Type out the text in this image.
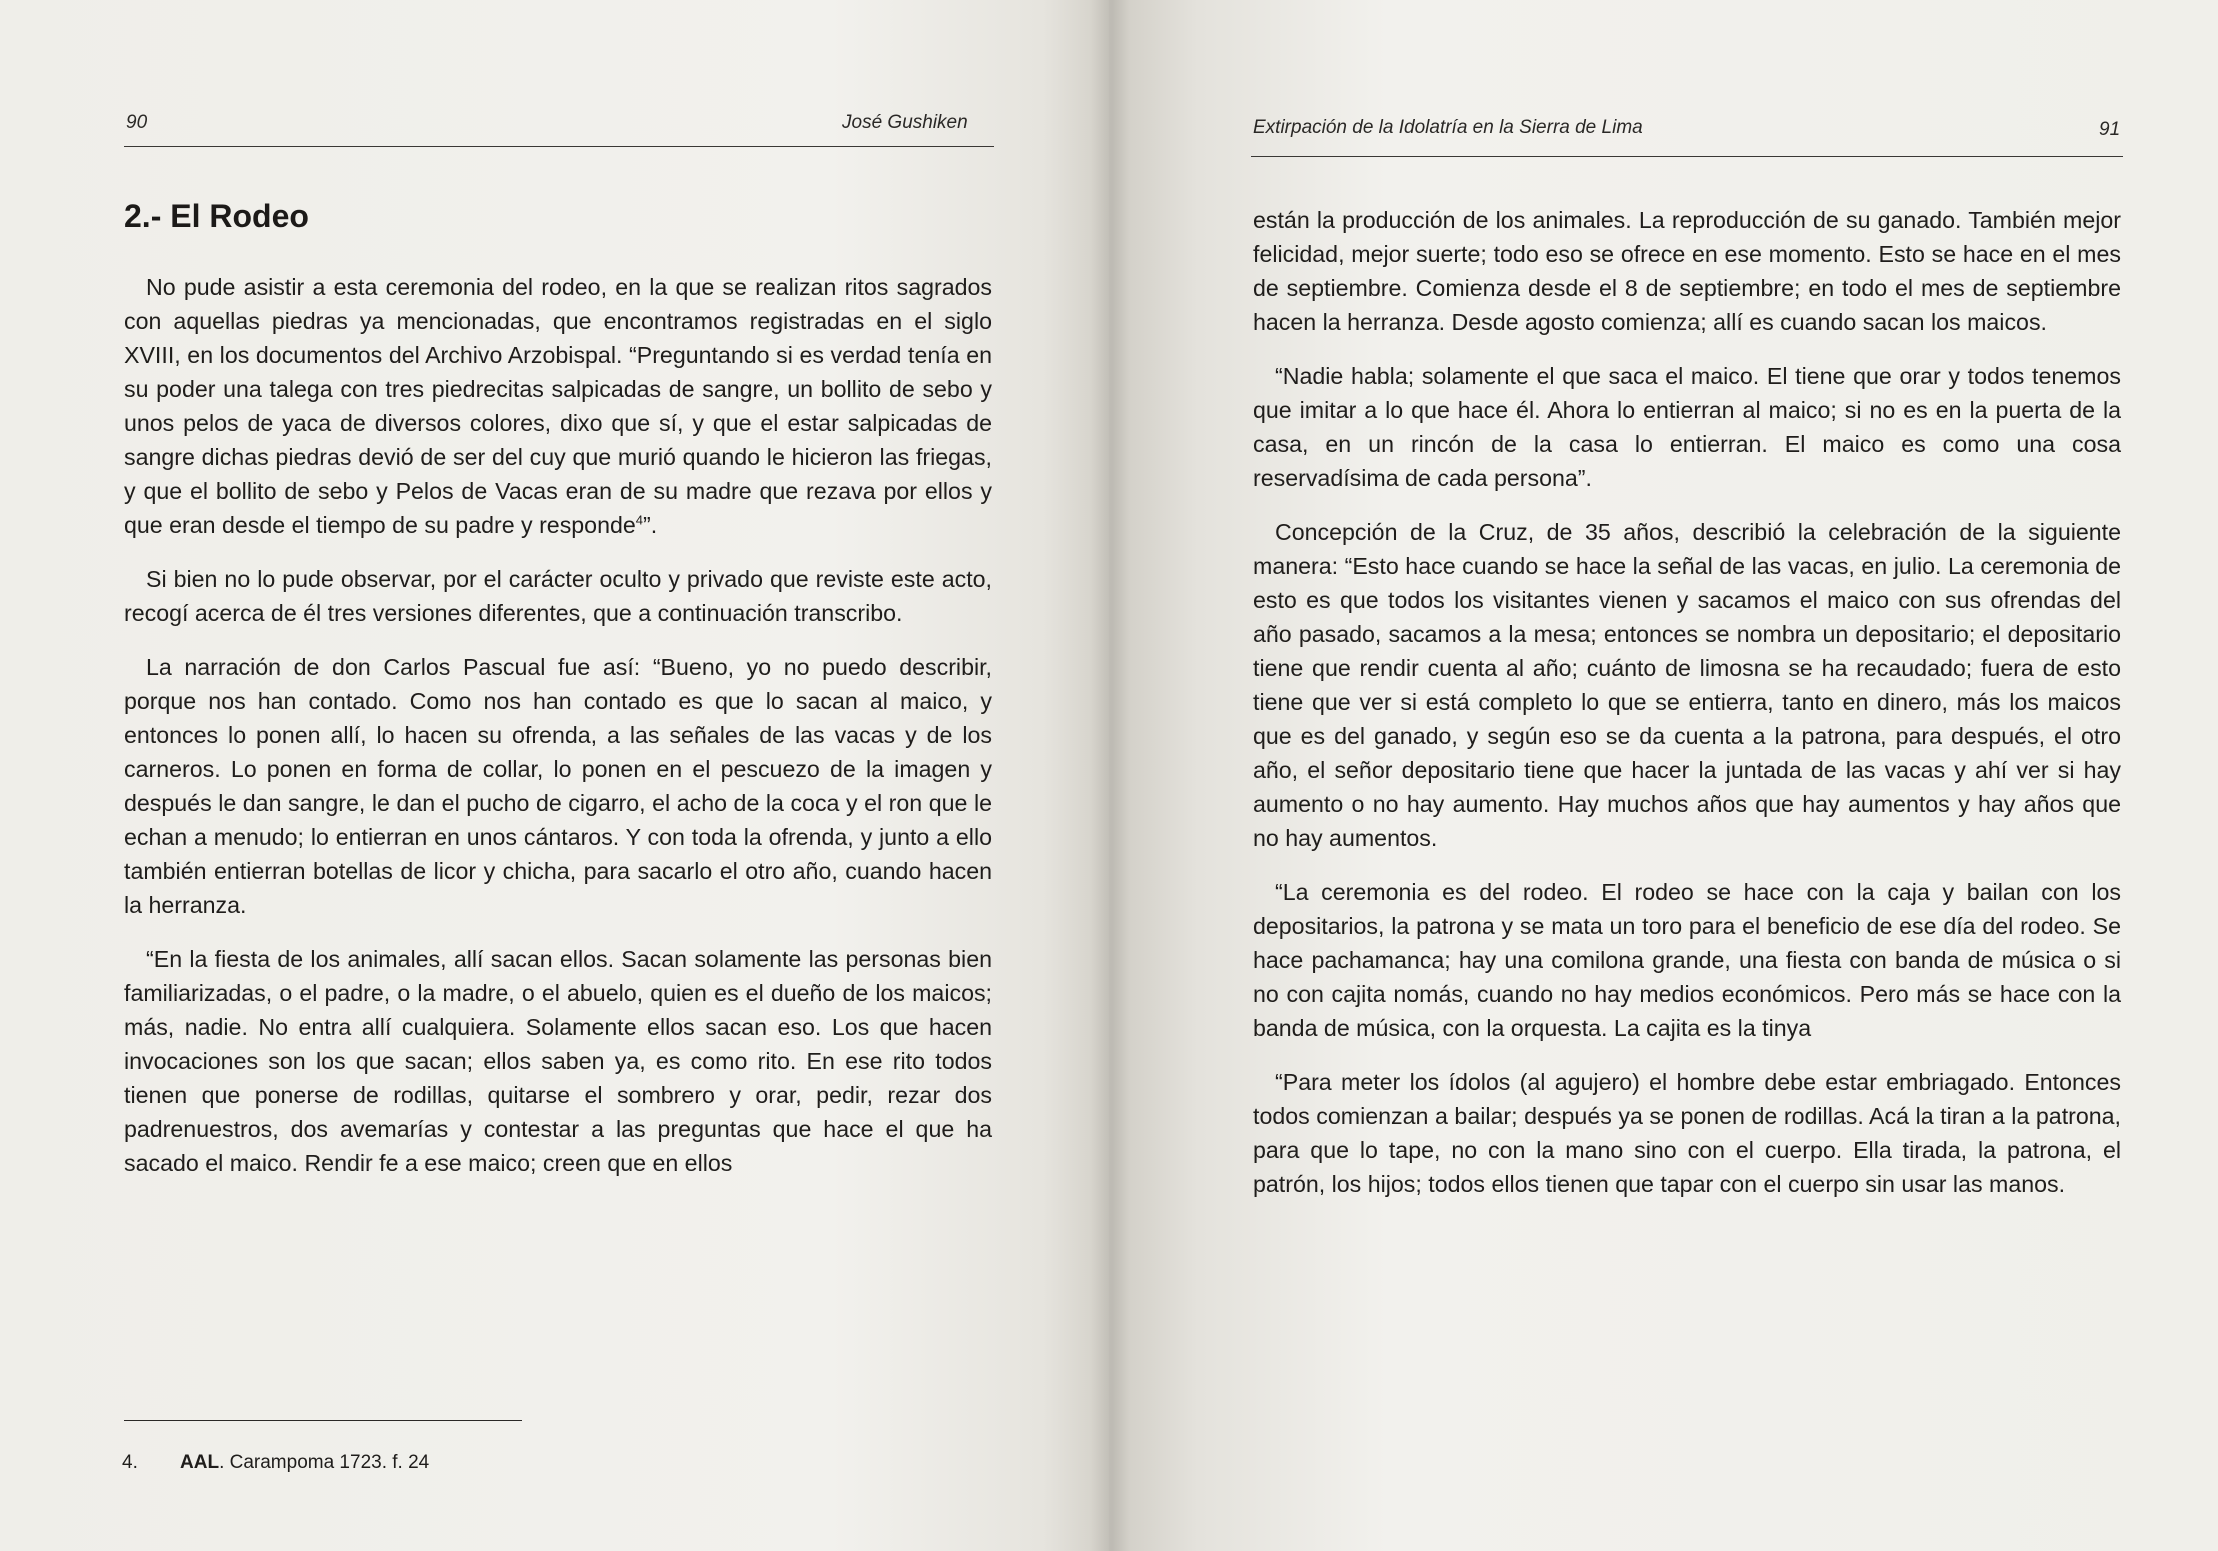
90	José Gushiken
2.- El Rodeo

No pude asistir a esta ceremonia del rodeo, en la que se realizan ritos sagrados con aquellas piedras ya mencionadas, que encontramos registradas en el siglo XVIII, en los documentos del Archivo Arzobispal. “Preguntando si es verdad tenía en su poder una talega con tres piedrecitas salpicadas de sangre, un bollito de sebo y unos pelos de yaca de diversos colores, dixo que sí, y que el estar salpicadas de sangre dichas piedras devió de ser del cuy que murió quando le hicieron las friegas, y que el bollito de sebo y Pelos de Vacas eran de su madre que rezava por ellos y que eran desde el tiempo de su padre y responde$^4$”.

Si bien no lo pude observar, por el carácter oculto y privado que reviste este acto, recogí acerca de él tres versiones diferentes, que a continuación transcribo.

La narración de don Carlos Pascual fue así: “Bueno, yo no puedo describir, porque nos han contado. Como nos han contado es que lo sacan al maico, y entonces lo ponen allí, lo hacen su ofrenda, a las señales de las vacas y de los carneros. Lo ponen en forma de collar, lo ponen en el pescuezo de la imagen y después le dan sangre, le dan el pucho de cigarro, el acho de la coca y el ron que le echan a menudo; lo entierran en unos cántaros. Y con toda la ofrenda, y junto a ello también entierran botellas de licor y chicha, para sacarlo el otro año, cuando hacen la herranza.

“En la fiesta de los animales, allí sacan ellos. Sacan solamente las personas bien familiarizadas, o el padre, o la madre, o el abuelo, quien es el dueño de los maicos; más, nadie. No entra allí cualquiera. Solamente ellos sacan eso. Los que hacen invocaciones son los que sacan; ellos saben ya, es como rito. En ese rito todos tienen que ponerse de rodillas, quitarse el sombrero y orar, pedir, rezar dos padrenuestros, dos avemarías y contestar a las preguntas que hace el que ha sacado el maico. Rendir fe a ese maico; creen que en ellos

4. AAL. Carampoma 1723. f. 24
Extirpación de la Idolatría en la Sierra de Lima	91

están la producción de los animales. La reproducción de su ganado. También mejor felicidad, mejor suerte; todo eso se ofrece en ese momento. Esto se hace en el mes de septiembre. Comienza desde el 8 de septiembre; en todo el mes de septiembre hacen la herranza. Desde agosto comienza; allí es cuando sacan los maicos.

“Nadie habla; solamente el que saca el maico. El tiene que orar y todos tenemos que imitar a lo que hace él. Ahora lo entierran al maico; si no es en la puerta de la casa, en un rincón de la casa lo entierran. El maico es como una cosa reservadísima de cada persona”.

Concepción de la Cruz, de 35 años, describió la celebración de la siguiente manera: “Esto hace cuando se hace la señal de las vacas, en julio. La ceremonia de esto es que todos los visitantes vienen y sacamos el maico con sus ofrendas del año pasado, sacamos a la mesa; entonces se nombra un depositario; el depositario tiene que rendir cuenta al año; cuánto de limosna se ha recaudado; fuera de esto tiene que ver si está completo lo que se entierra, tanto en dinero, más los maicos que es del ganado, y según eso se da cuenta a la patrona, para después, el otro año, el señor depositario tiene que hacer la juntada de las vacas y ahí ver si hay aumento o no hay aumento. Hay muchos años que hay aumentos y hay años que no hay aumentos.

“La ceremonia es del rodeo. El rodeo se hace con la caja y bailan con los depositarios, la patrona y se mata un toro para el beneficio de ese día del rodeo. Se hace pachamanca; hay una comilona grande, una fiesta con banda de música o si no con cajita nomás, cuando no hay medios económicos. Pero más se hace con la banda de música, con la orquesta. La cajita es la tinya

“Para meter los ídolos (al agujero) el hombre debe estar embriagado. Entonces todos comienzan a bailar; después ya se ponen de rodillas. Acá la tiran a la patrona, para que lo tape, no con la mano sino con el cuerpo. Ella tirada, la patrona, el patrón, los hijos; todos ellos tienen que tapar con el cuerpo sin usar las manos.
